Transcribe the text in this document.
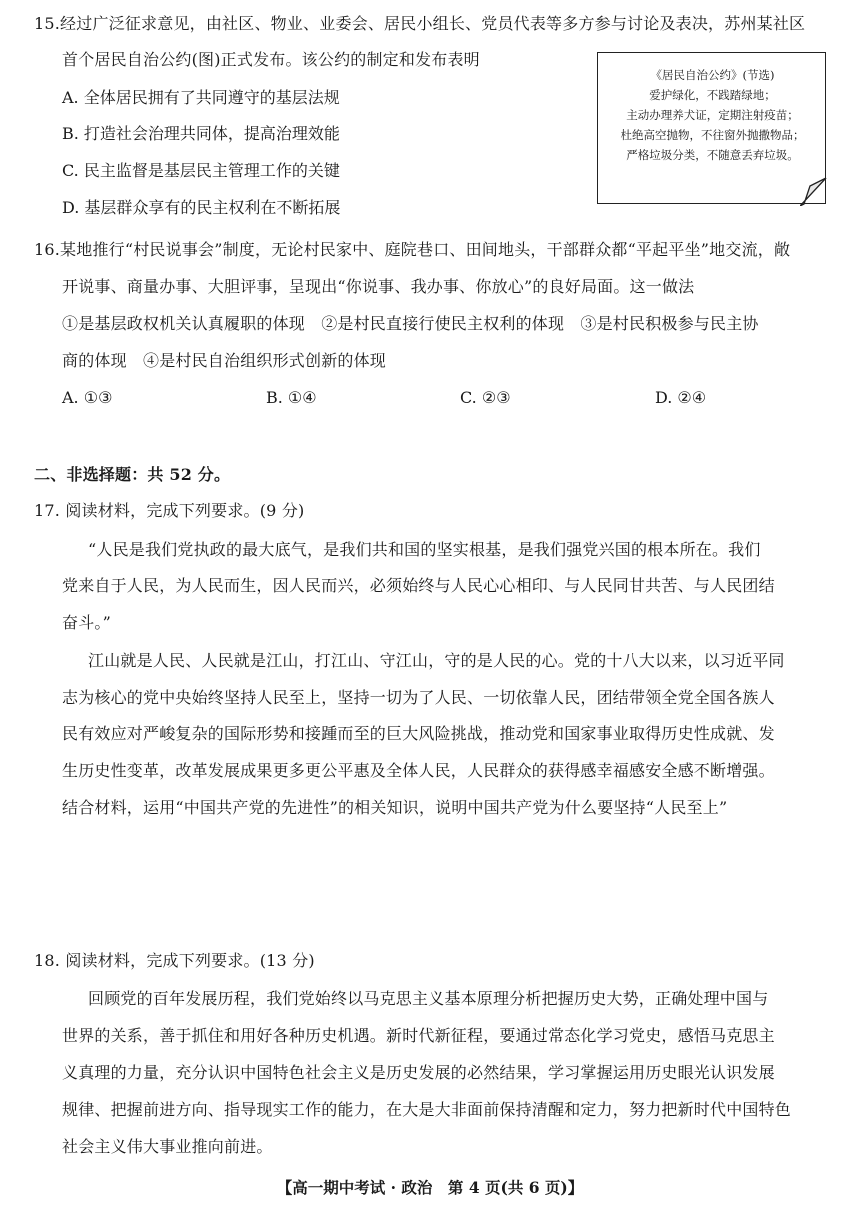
15.经过广泛征求意见，由社区、物业、业委会、居民小组长、党员代表等多方参与讨论及表决，苏州某社区
首个居民自治公约(图)正式发布。该公约的制定和发布表明
A. 全体居民拥有了共同遵守的基层法规
B. 打造社会治理共同体，提高治理效能
C. 民主监督是基层民主管理工作的关键
D. 基层群众享有的民主权利在不断拓展
《居民自治公约》(节选)
爱护绿化，不践踏绿地；
主动办理养犬证，定期注射疫苗；
杜绝高空抛物，不往窗外抛撒物品；
严格垃圾分类，不随意丢弃垃圾。
16.某地推行“村民说事会”制度，无论村民家中、庭院巷口、田间地头，干部群众都“平起平坐”地交流，敞
开说事、商量办事、大胆评事，呈现出“你说事、我办事、你放心”的良好局面。这一做法
①是基层政权机关认真履职的体现　②是村民直接行使民主权利的体现　③是村民积极参与民主协
商的体现　④是村民自治组织形式创新的体现
A. ①③	B. ①④	C. ②③	D. ②④
二、非选择题：共 52 分。
17. 阅读材料，完成下列要求。(9 分)
“人民是我们党执政的最大底气，是我们共和国的坚实根基，是我们强党兴国的根本所在。我们
党来自于人民，为人民而生，因人民而兴，必须始终与人民心心相印、与人民同甘共苦、与人民团结
奋斗。”
江山就是人民、人民就是江山，打江山、守江山，守的是人民的心。党的十八大以来，以习近平同
志为核心的党中央始终坚持人民至上，坚持一切为了人民、一切依靠人民，团结带领全党全国各族人
民有效应对严峻复杂的国际形势和接踵而至的巨大风险挑战，推动党和国家事业取得历史性成就、发
生历史性变革，改革发展成果更多更公平惠及全体人民，人民群众的获得感幸福感安全感不断增强。
结合材料，运用“中国共产党的先进性”的相关知识，说明中国共产党为什么要坚持“人民至上”
18. 阅读材料，完成下列要求。(13 分)
回顾党的百年发展历程，我们党始终以马克思主义基本原理分析把握历史大势，正确处理中国与
世界的关系，善于抓住和用好各种历史机遇。新时代新征程，要通过常态化学习党史，感悟马克思主
义真理的力量，充分认识中国特色社会主义是历史发展的必然结果，学习掌握运用历史眼光认识发展
规律、把握前进方向、指导现实工作的能力，在大是大非面前保持清醒和定力，努力把新时代中国特色
社会主义伟大事业推向前进。
【高一期中考试 · 政治　第 4 页(共 6 页)】
